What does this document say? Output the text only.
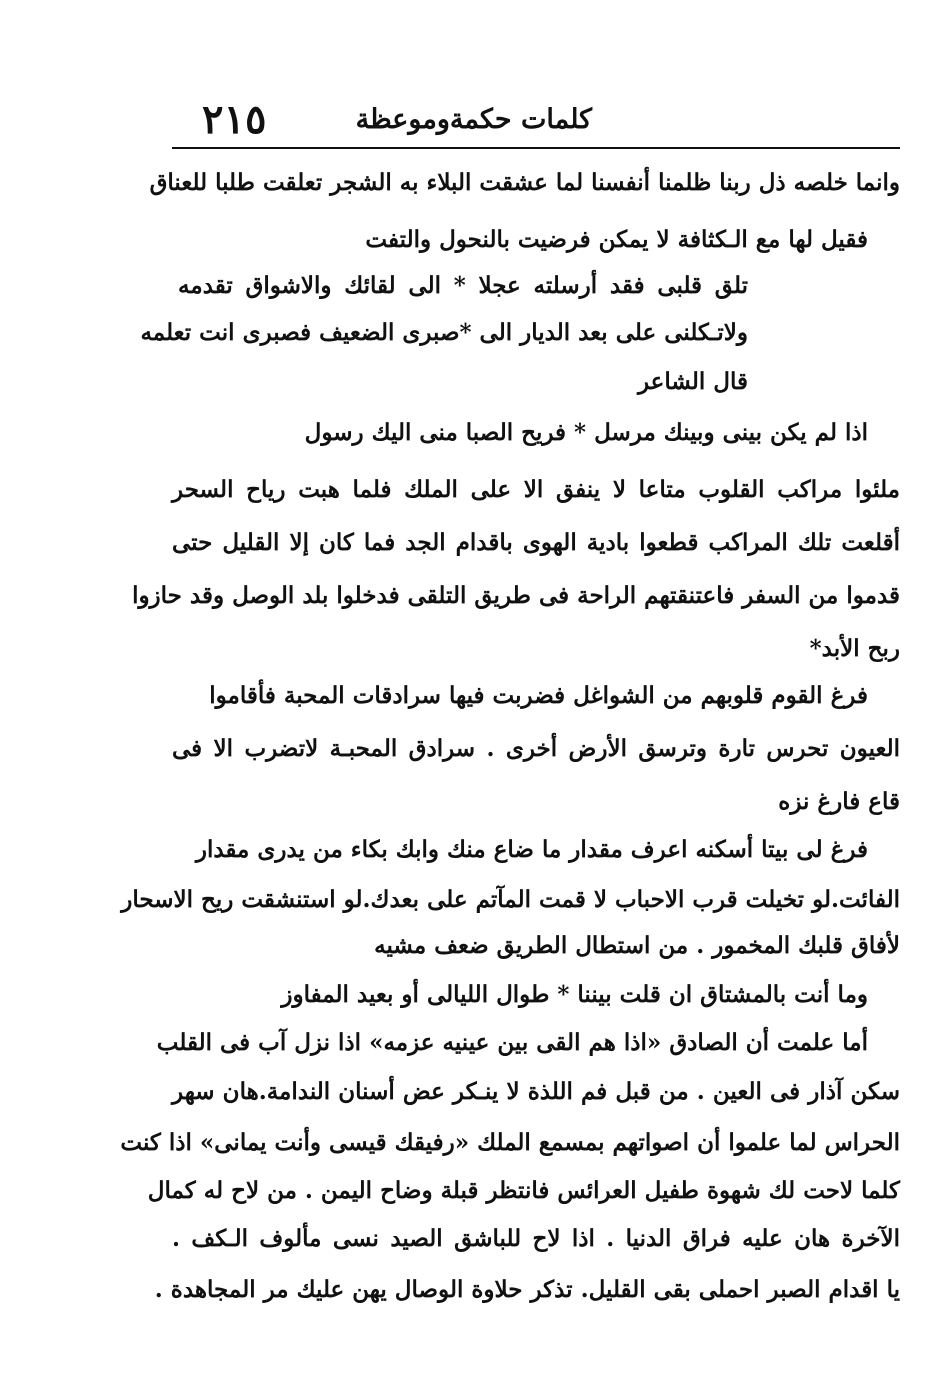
كلمات حكمةوموعظة
٢١٥
وانما خلصه ذل ربنا ظلمنا أنفسنا لما عشقت البلاء به الشجر تعلقت طلبا للعناق
فقيل لها مع الـكثافة لا يمكن فرضيت بالنحول والتفت
تلق قلبى فقد أرسلته عجلا * الى لقائك والاشواق تقدمه
ولاتـكلنى على بعد الديار الى *صبرى الضعيف فصبرى انت تعلمه
قال الشاعر
اذا لم يكن بينى وبينك مرسل * فريح الصبا منى اليك رسول
ملئوا مراكب القلوب متاعا لا ينفق الا على الملك فلما هبت رياح السحر
أقلعت تلك المراكب قطعوا بادية الهوى باقدام الجد فما كان إلا القليل حتى
قدموا من السفر فاعتنقتهم الراحة فى طريق التلقى فدخلوا بلد الوصل وقد حازوا
ربح الأبد*
فرغ القوم قلوبهم من الشواغل فضربت فيها سرادقات المحبة فأقاموا
العيون تحرس تارة وترسق الأرض أخرى . سرادق المحبـة لاتضرب الا فى
قاع فارغ نزه
فرغ لى بيتا أسكنه اعرف مقدار ما ضاع منك وابك بكاء من يدرى مقدار
الفائت.لو تخيلت قرب الاحباب لا قمت المآتم على بعدك.لو استنشقت ريح الاسحار
لأفاق قلبك المخمور . من استطال الطريق ضعف مشيه
وما أنت بالمشتاق ان قلت بيننا * طوال الليالى أو بعيد المفاوز
أما علمت أن الصادق «اذا هم القى بين عينيه عزمه» اذا نزل آب فى القلب
سكن آذار فى العين . من قبل فم اللذة لا ينـكر عض أسنان الندامة.هان سهر
الحراس لما علموا أن اصواتهم بمسمع الملك «رفيقك قيسى وأنت يمانى» اذا كنت
كلما لاحت لك شهوة طفيل العرائس فانتظر قبلة وضاح اليمن . من لاح له كمال
الآخرة هان عليه فراق الدنيا . اذا لاح للباشق الصيد نسى مألوف الـكف .
يا اقدام الصبر احملى بقى القليل. تذكر حلاوة الوصال يهن عليك مر المجاهدة .
